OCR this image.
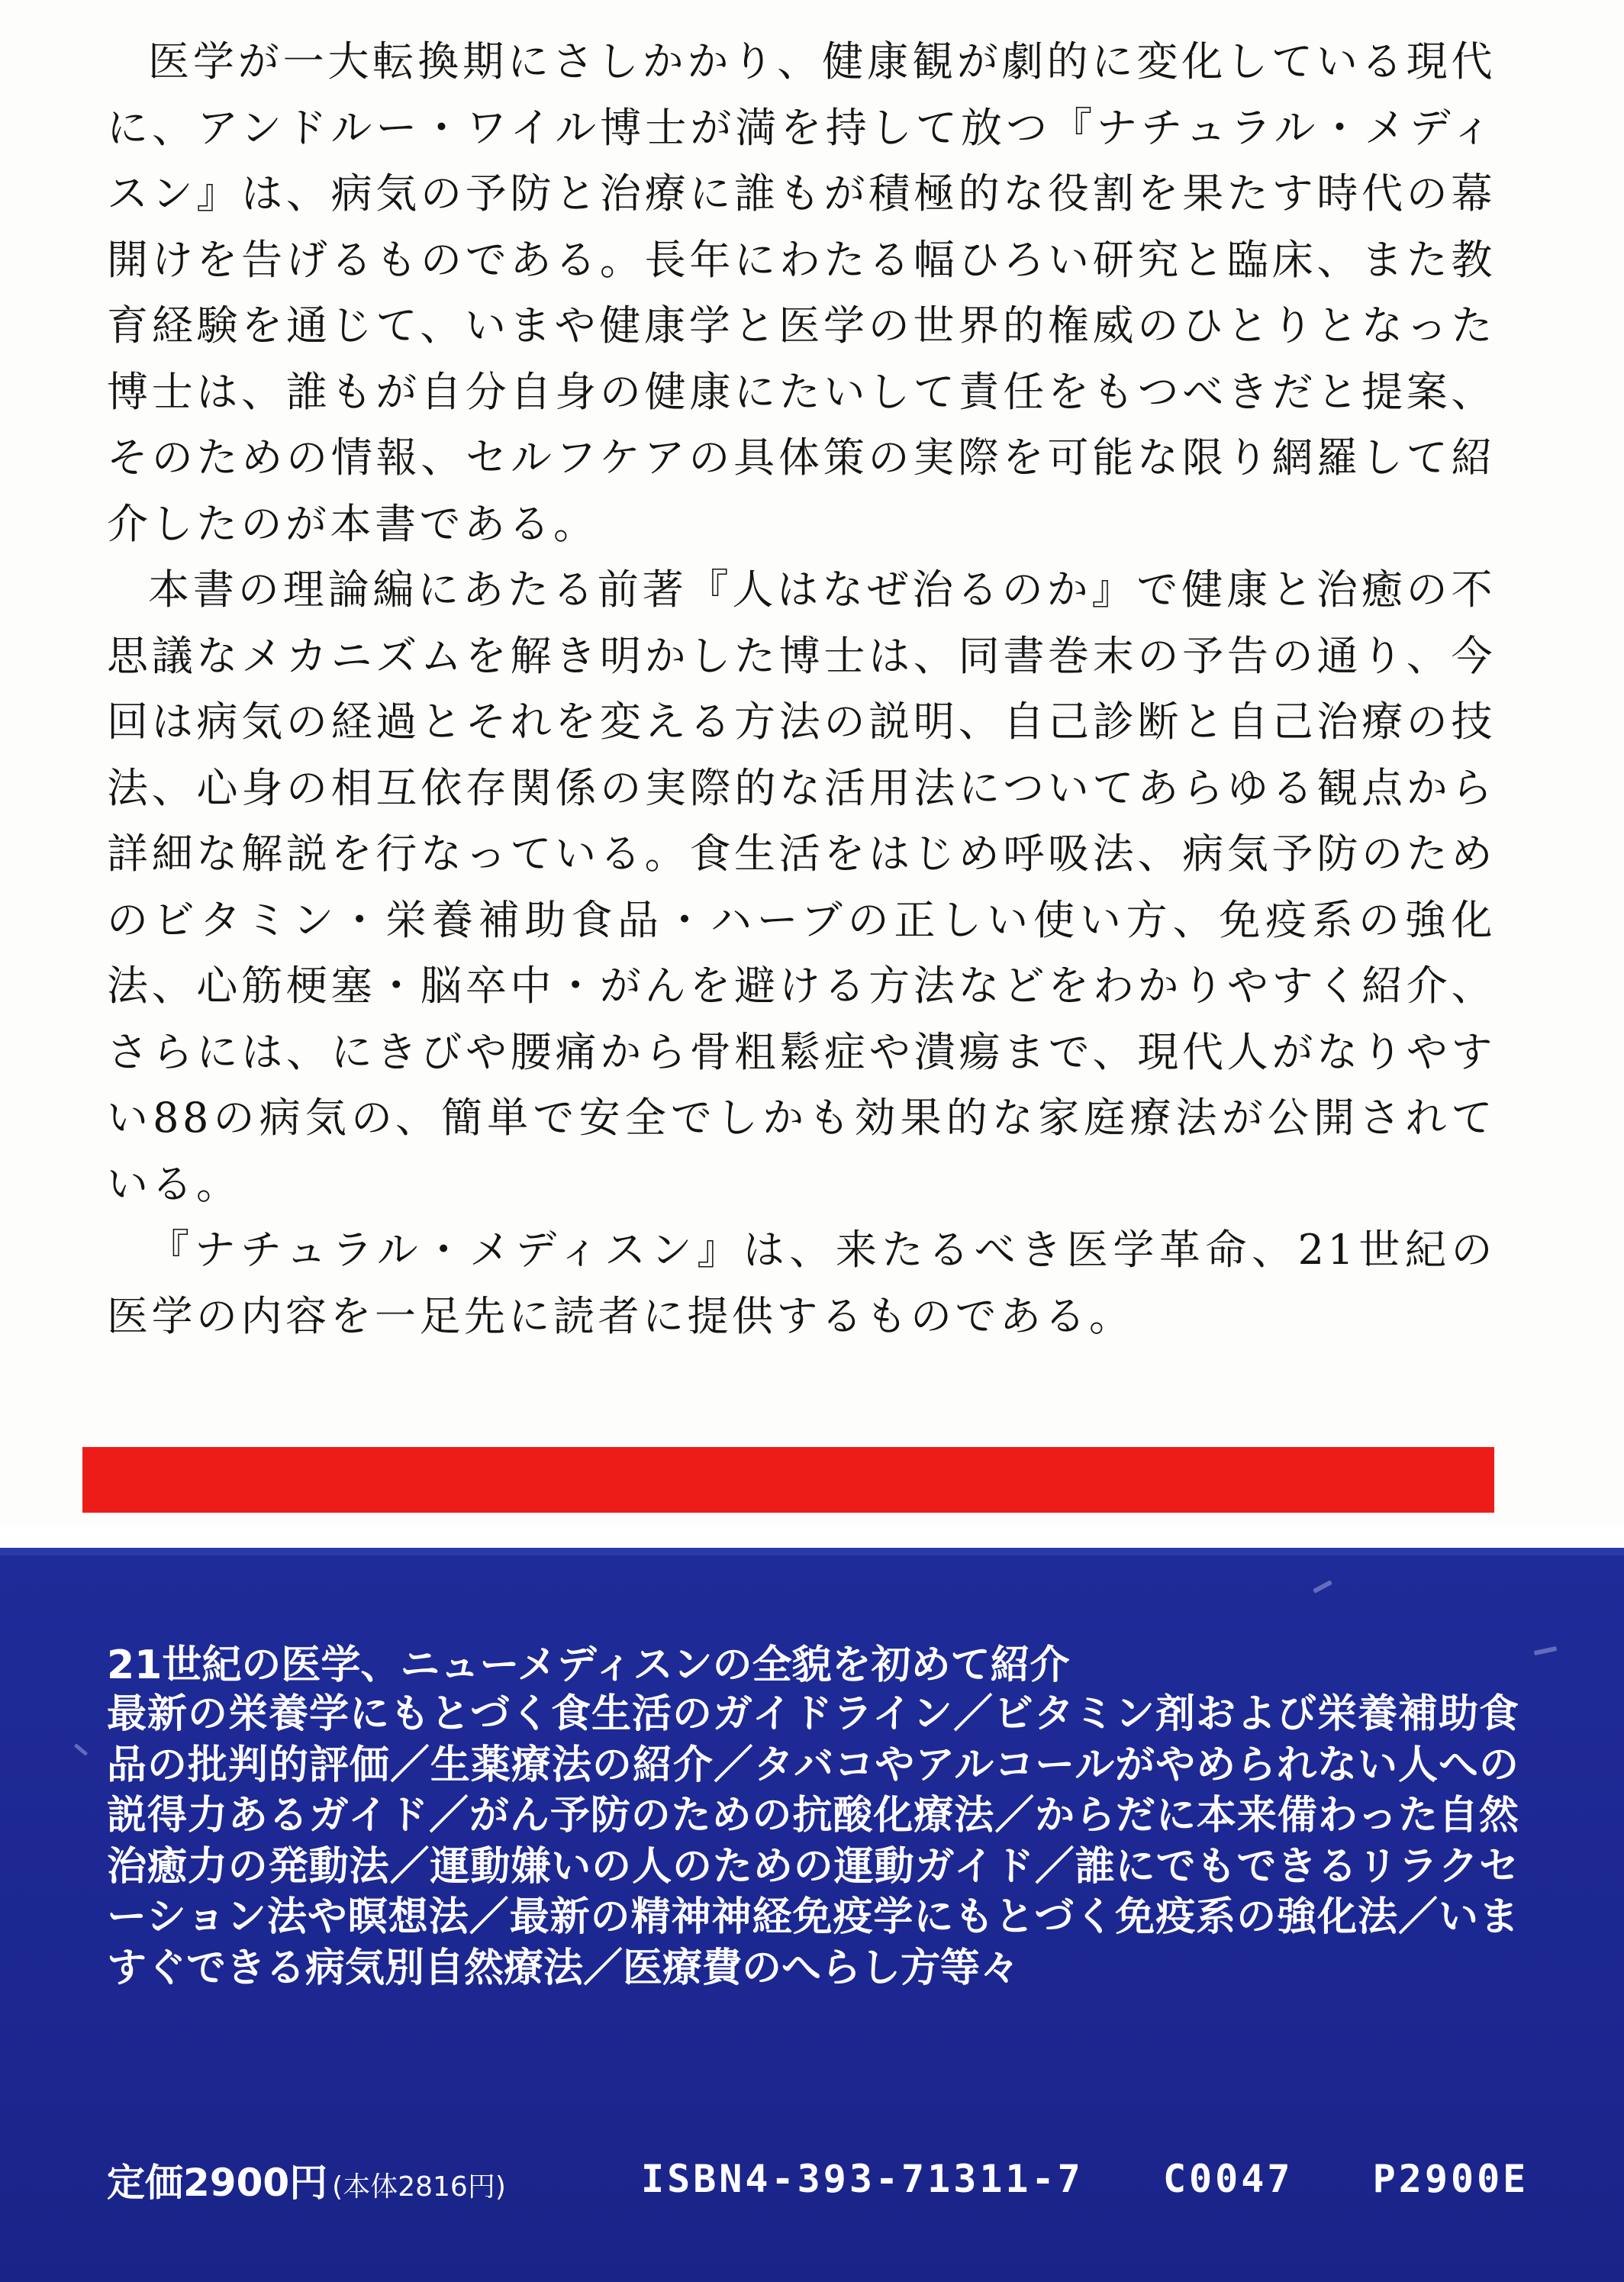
医学が一大転換期にさしかかり、健康観が劇的に変化している現代に、アンドルー・ワイル博士が満を持して放つ『ナチュラル・メディスン』は、病気の予防と治療に誰もが積極的な役割を果たす時代の幕開けを告げるものである。長年にわたる幅ひろい研究と臨床、また教育経験を通じて、いまや健康学と医学の世界的権威のひとりとなった博士は、誰もが自分自身の健康にたいして責任をもつべきだと提案、そのための情報、セルフケアの具体策の実際を可能な限り網羅して紹介したのが本書である。

本書の理論編にあたる前著『人はなぜ治るのか』で健康と治癒の不思議なメカニズムを解き明かした博士は、同書巻末の予告の通り、今回は病気の経過とそれを変える方法の説明、自己診断と自己治療の技法、心身の相互依存関係の実際的な活用法についてあらゆる観点から詳細な解説を行なっている。食生活をはじめ呼吸法、病気予防のためのビタミン・栄養補助食品・ハーブの正しい使い方、免疫系の強化法、心筋梗塞・脳卒中・がんを避ける方法などをわかりやすく紹介、さらには、にきびや腰痛から骨粗鬆症や潰瘍まで、現代人がなりやすい88の病気の、簡単で安全でしかも効果的な家庭療法が公開されている。

『ナチュラル・メディスン』は、来たるべき医学革命、21世紀の医学の内容を一足先に読者に提供するものである。

21世紀の医学、ニューメディスンの全貌を初めて紹介

最新の栄養学にもとづく食生活のガイドライン／ビタミン剤および栄養補助食品の批判的評価／生薬療法の紹介／タバコやアルコールがやめられない人への説得力あるガイド／がん予防のための抗酸化療法／からだに本来備わった自然治癒力の発動法／運動嫌いの人のための運動ガイド／誰にでもできるリラクセーション法や瞑想法／最新の精神神経免疫学にもとづく免疫系の強化法／いますぐできる病気別自然療法／医療費のへらし方等々

定価2900円 (本体2816円)	ISBN4-393-71311-7  C0047  P2900E
